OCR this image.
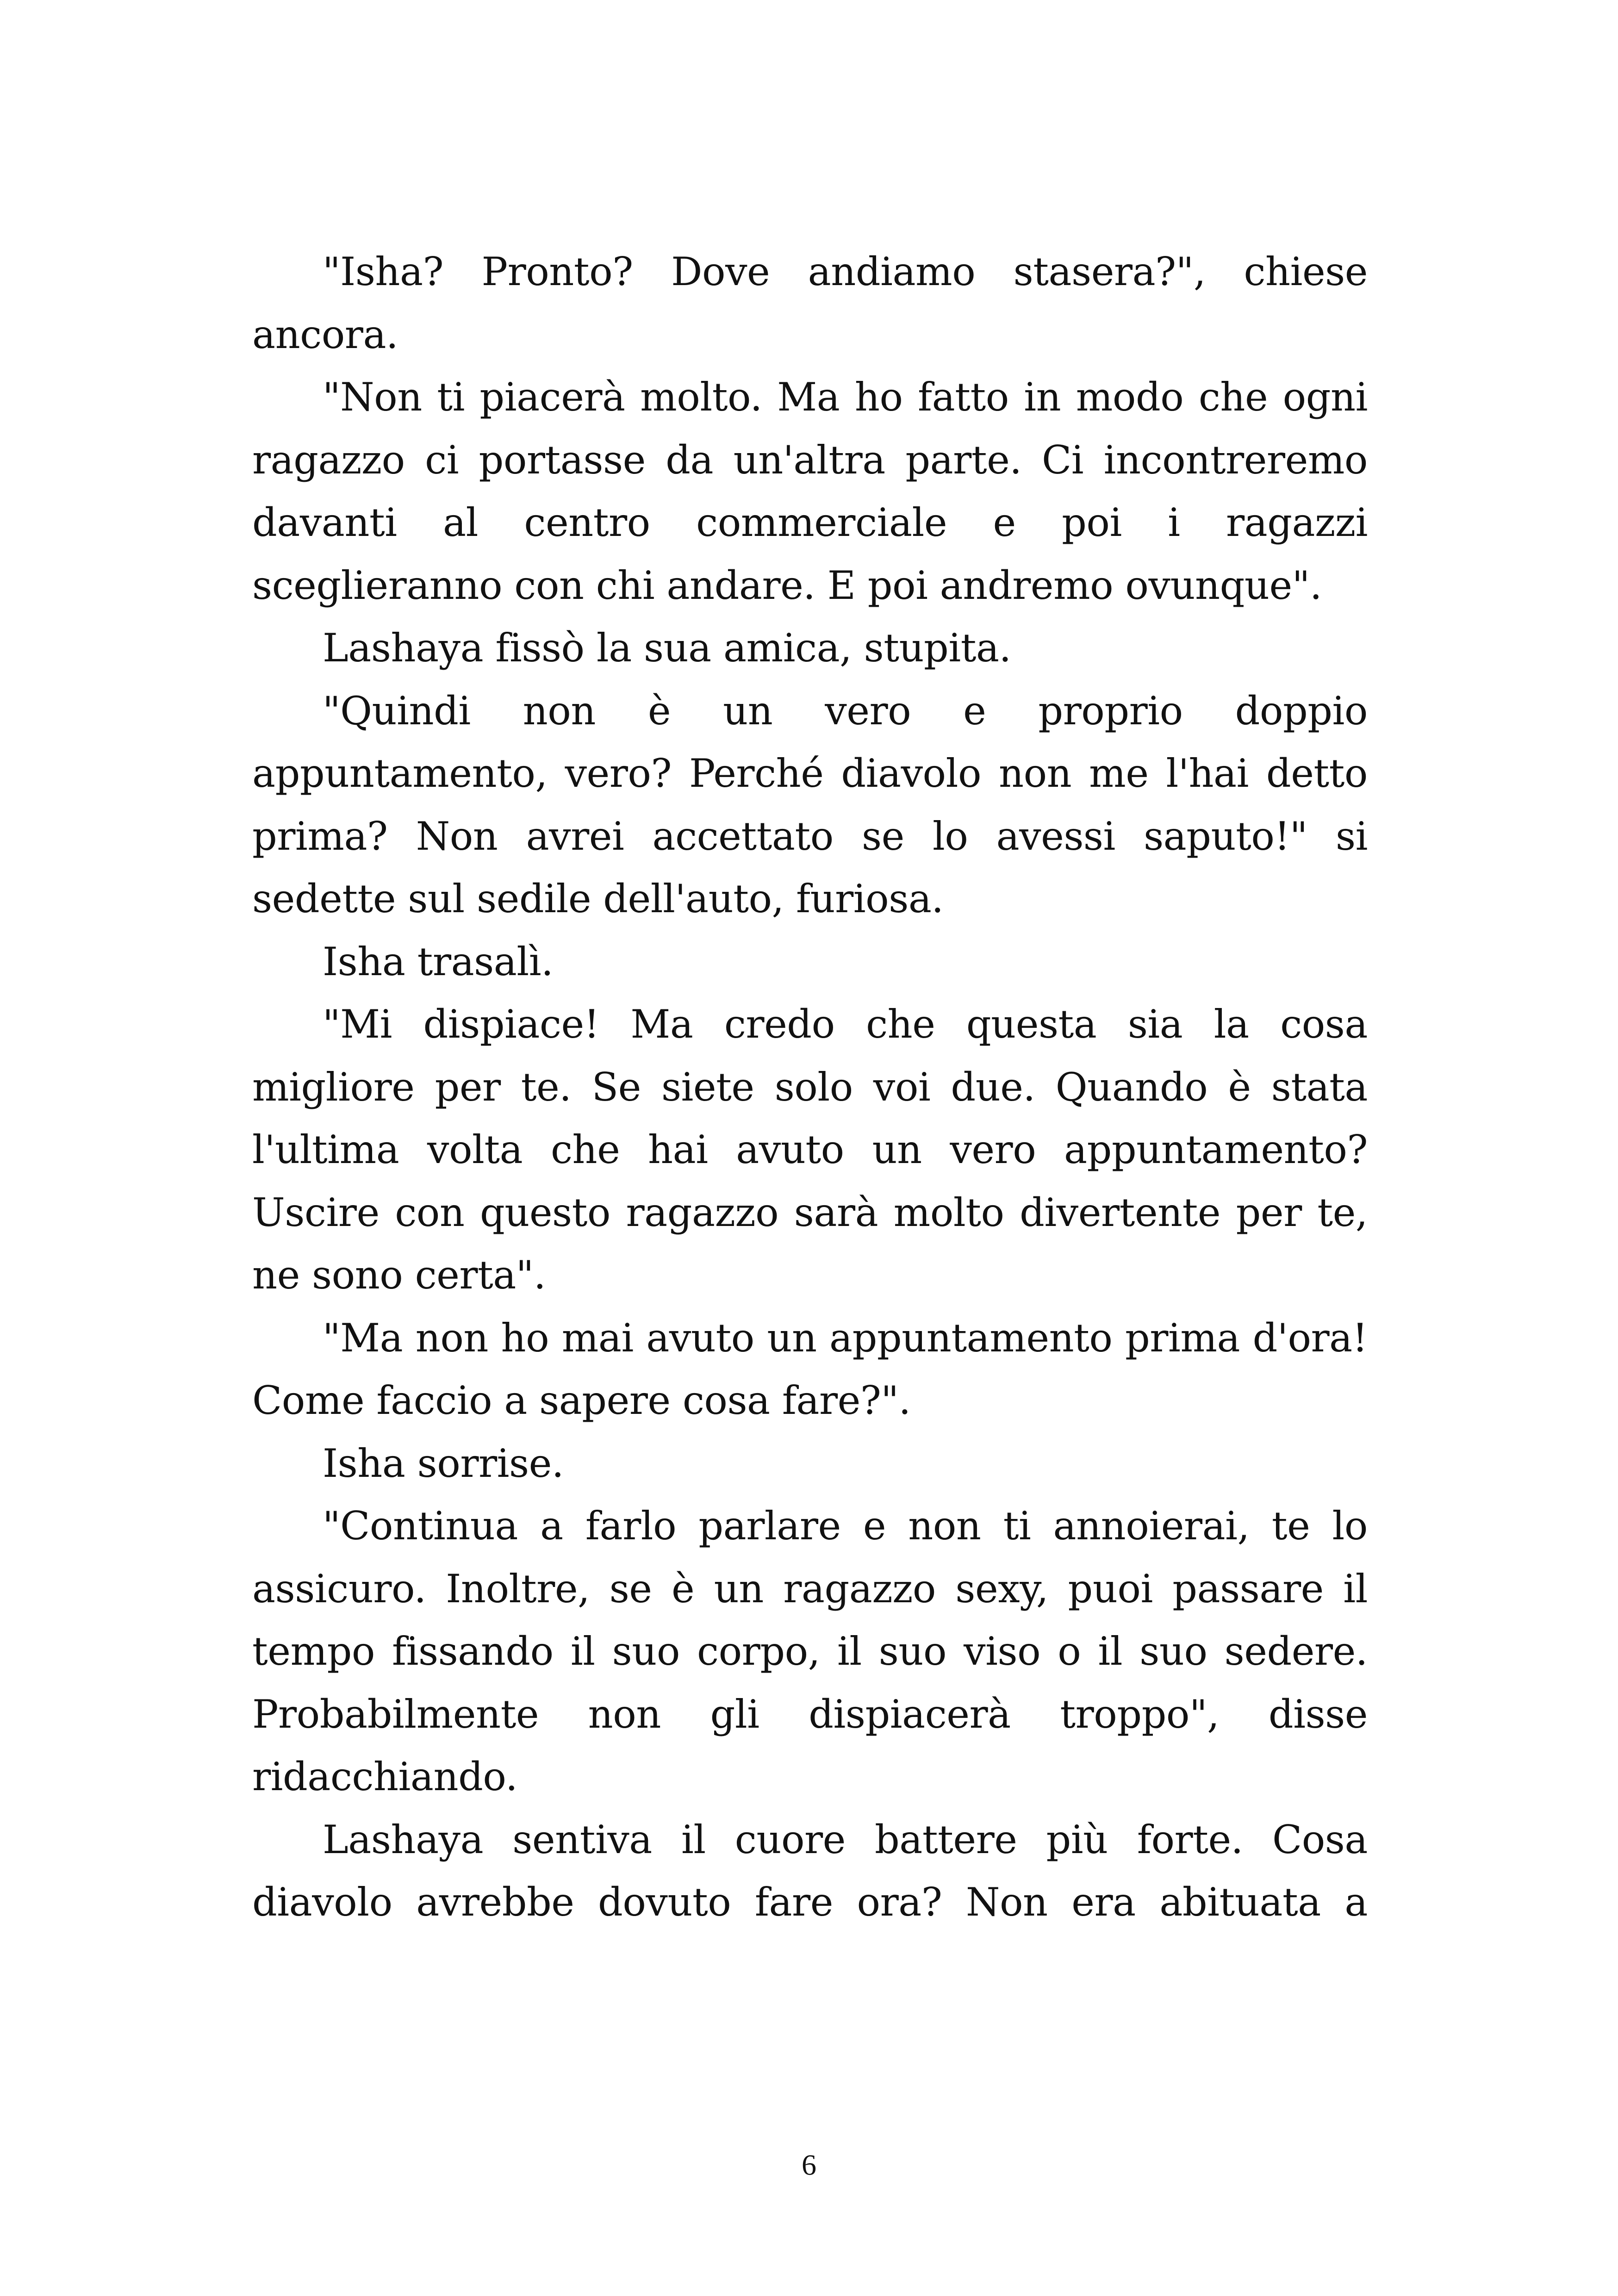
"Isha? Pronto? Dove andiamo stasera?", chiese ancora.

"Non ti piacerà molto. Ma ho fatto in modo che ogni ragazzo ci portasse da un'altra parte. Ci incontreremo davanti al centro commerciale e poi i ragazzi sceglieranno con chi andare. E poi andremo ovunque".

Lashaya fissò la sua amica, stupita.

"Quindi non è un vero e proprio doppio appuntamento, vero? Perché diavolo non me l'hai detto prima? Non avrei accettato se lo avessi saputo!" si sedette sul sedile dell'auto, furiosa.

Isha trasalì.

"Mi dispiace! Ma credo che questa sia la cosa migliore per te. Se siete solo voi due. Quando è stata l'ultima volta che hai avuto un vero appuntamento? Uscire con questo ragazzo sarà molto divertente per te, ne sono certa".

"Ma non ho mai avuto un appuntamento prima d'ora! Come faccio a sapere cosa fare?".

Isha sorrise.

"Continua a farlo parlare e non ti annoierai, te lo assicuro. Inoltre, se è un ragazzo sexy, puoi passare il tempo fissando il suo corpo, il suo viso o il suo sedere. Probabilmente non gli dispiacerà troppo", disse ridacchiando.

Lashaya sentiva il cuore battere più forte. Cosa diavolo avrebbe dovuto fare ora? Non era abituata a

6
